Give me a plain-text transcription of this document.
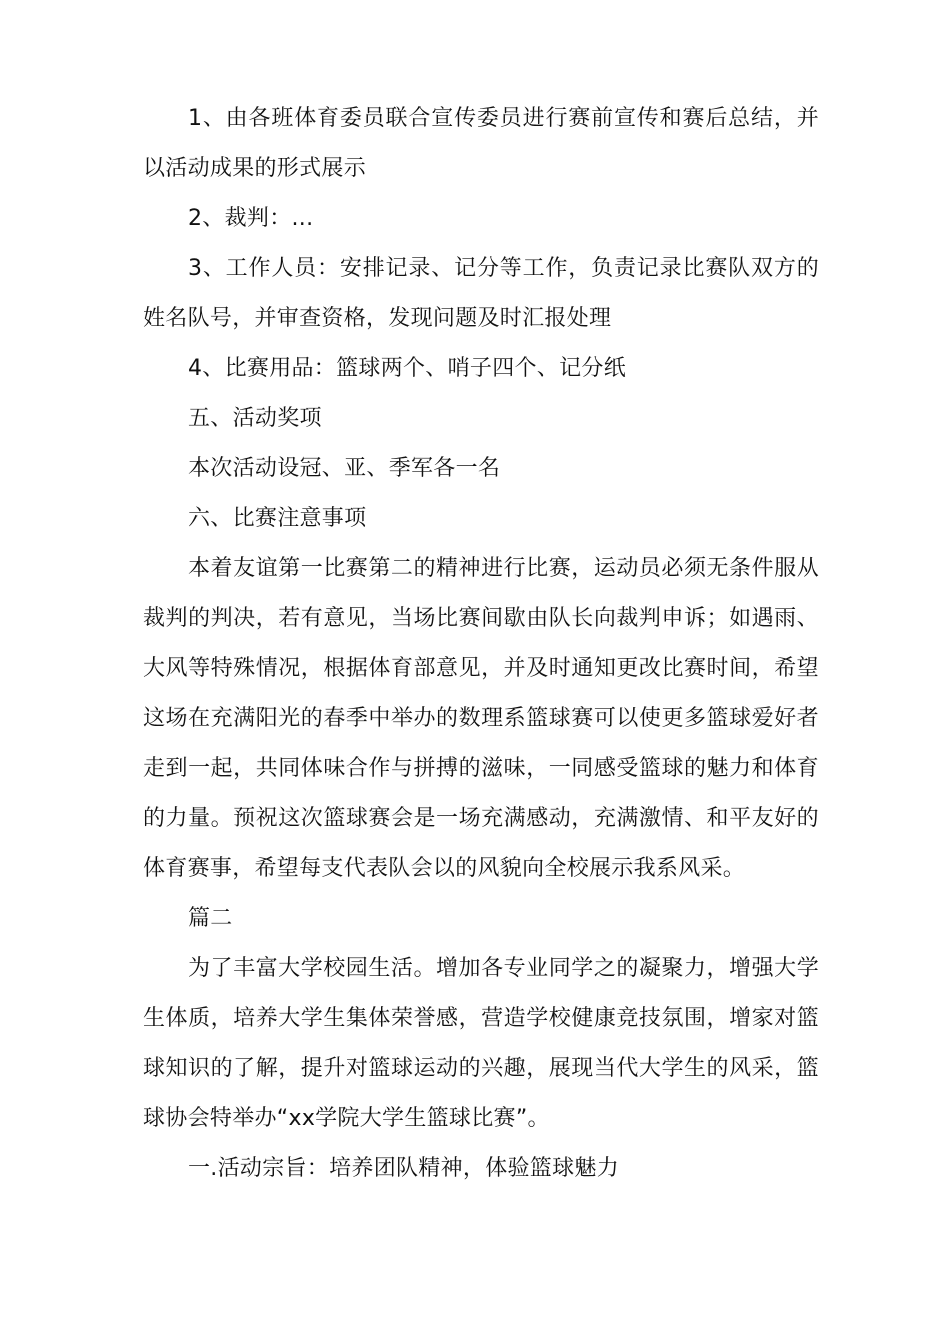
1、由各班体育委员联合宣传委员进行赛前宣传和赛后总结，并以活动成果的形式展示

2、裁判：...

3、工作人员：安排记录、记分等工作，负责记录比赛队双方的姓名队号，并审查资格，发现问题及时汇报处理

4、比赛用品：篮球两个、哨子四个、记分纸

五、活动奖项

本次活动设冠、亚、季军各一名

六、比赛注意事项

本着友谊第一比赛第二的精神进行比赛，运动员必须无条件服从裁判的判决，若有意见，当场比赛间歇由队长向裁判申诉；如遇雨、大风等特殊情况，根据体育部意见，并及时通知更改比赛时间，希望这场在充满阳光的春季中举办的数理系篮球赛可以使更多篮球爱好者走到一起，共同体味合作与拼搏的滋味，一同感受篮球的魅力和体育的力量。预祝这次篮球赛会是一场充满感动，充满激情、和平友好的体育赛事，希望每支代表队会以的风貌向全校展示我系风采。

篇二

为了丰富大学校园生活。增加各专业同学之的凝聚力，增强大学生体质，培养大学生集体荣誉感，营造学校健康竞技氛围，增家对篮球知识的了解，提升对篮球运动的兴趣，展现当代大学生的风采，篮球协会特举办“xx学院大学生篮球比赛”。

一.活动宗旨：培养团队精神，体验篮球魅力
